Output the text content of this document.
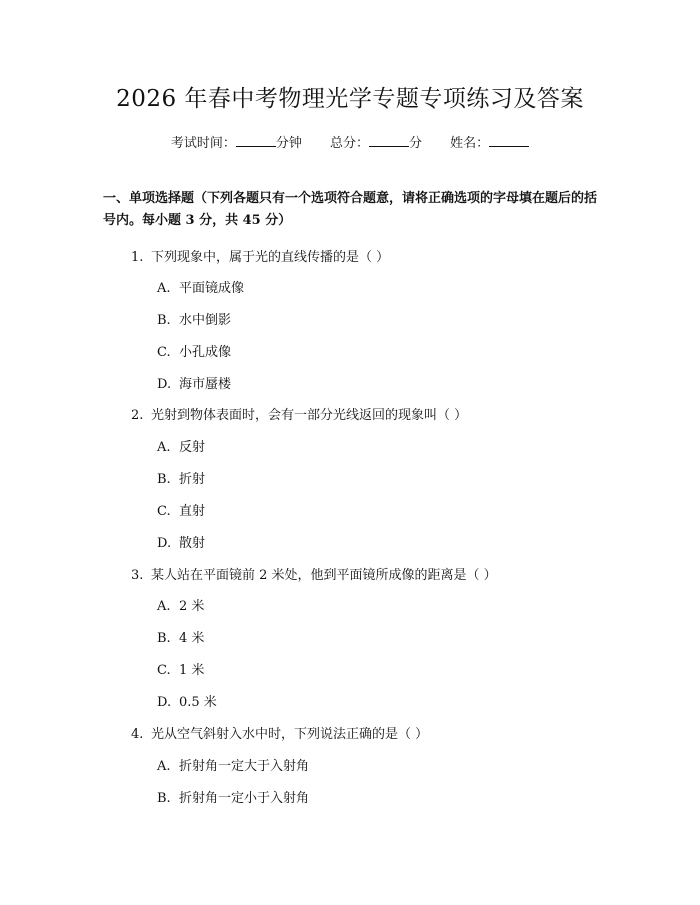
2026 年春中考物理光学专题专项练习及答案
考试时间：	分钟 总分：	分 姓名：
一、单项选择题（下列各题只有一个选项符合题意，请将正确选项的字母填在题后的括号内。每小题 3 分，共 45 分）
1. 下列现象中，属于光的直线传播的是（ ）
A. 平面镜成像
B. 水中倒影
C. 小孔成像
D. 海市蜃楼
2. 光射到物体表面时，会有一部分光线返回的现象叫（ ）
A. 反射
B. 折射
C. 直射
D. 散射
3. 某人站在平面镜前 2 米处，他到平面镜所成像的距离是（ ）
A. 2 米
B. 4 米
C. 1 米
D. 0.5 米
4. 光从空气斜射入水中时，下列说法正确的是（ ）
A. 折射角一定大于入射角
B. 折射角一定小于入射角
